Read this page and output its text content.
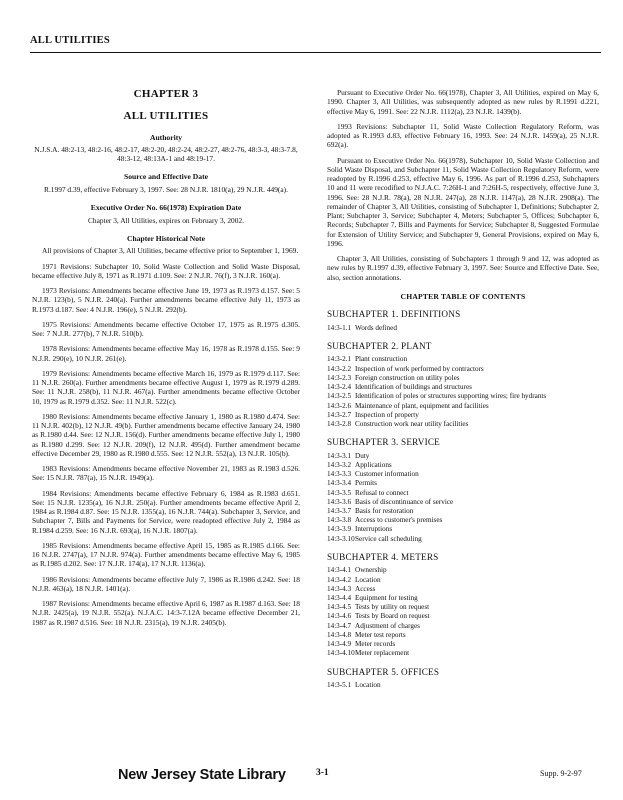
ALL UTILITIES
CHAPTER 3
ALL UTILITIES
Authority

N.J.S.A. 48:2-13, 48:2-16, 48:2-17, 48:2-20, 48:2-24, 48:2-27, 48:2-76, 48:3-3, 48:3-7.8, 48:3-12, 48:13A-1 and 48:19-17.

Source and Effective Date

R.1997 d.39, effective February 3, 1997. See: 28 N.J.R. 1810(a), 29 N.J.R. 449(a).

Executive Order No. 66(1978) Expiration Date

Chapter 3, All Utilities, expires on February 3, 2002.

Chapter Historical Note

All provisions of Chapter 3, All Utilities, became effective prior to September 1, 1969.

1971 Revisions: Subchapter 10, Solid Waste Collection and Solid Waste Disposal, became effective July 8, 1971 as R.1971 d.109. See: 2 N.J.R. 76(f), 3 N.J.R. 160(a).

1973 Revisions: Amendments became effective June 19, 1973 as R.1973 d.157. See: 5 N.J.R. 123(b), 5 N.J.R. 240(a). Further amendments became effective July 11, 1973 as R.1973 d.187. See: 4 N.J.R. 196(e), 5 N.J.R. 292(b).

1975 Revisions: Amendments became effective October 17, 1975 as R.1975 d.305. See: 7 N.J.R. 277(b), 7 N.J.R. 510(b).

1978 Revisions: Amendments became effective May 16, 1978 as R.1978 d.155. See: 9 N.J.R. 290(e), 10 N.J.R. 261(e).

1979 Revisions: Amendments became effective March 16, 1979 as R.1979 d.117. See: 11 N.J.R. 260(a). Further amendments became effective August 1, 1979 as R.1979 d.289. See: 11 N.J.R. 258(b), 11 N.J.R. 467(a). Further amendments became effective October 10, 1979 as R.1979 d.352. See: 11 N.J.R. 522(c).

1980 Revisions: Amendments became effective January 1, 1980 as R.1980 d.474. See: 11 N.J.R. 402(b), 12 N.J.R. 49(b). Further amendments became effective January 24, 1980 as R.1980 d.44. See: 12 N.J.R. 156(d). Further amendments became effective July 1, 1980 as R.1980 d.299. See: 12 N.J.R. 209(f), 12 N.J.R. 495(d). Further amendment became effective December 29, 1980 as R.1980 d.555. See: 12 N.J.R. 552(a), 13 N.J.R. 105(b).

1983 Revisions: Amendments became effective November 21, 1983 as R.1983 d.526. See: 15 N.J.R. 787(a), 15 N.J.R. 1949(a).

1984 Revisions: Amendments became effective February 6, 1984 as R.1983 d.651. See: 15 N.J.R. 1235(a), 16 N.J.R. 250(a). Further amendments became effective April 2, 1984 as R.1984 d.87. See: 15 N.J.R. 1355(a), 16 N.J.R. 744(a). Subchapter 3, Service, and Subchapter 7, Bills and Payments for Service, were readopted effective July 2, 1984 as R.1984 d.259. See: 16 N.J.R. 693(a), 16 N.J.R. 1807(a).

1985 Revisions: Amendments became effective April 15, 1985 as R.1985 d.166. See: 16 N.J.R. 2747(a), 17 N.J.R. 974(a). Further amendments became effective May 6, 1985 as R.1985 d.202. See: 17 N.J.R. 174(a), 17 N.J.R. 1136(a).

1986 Revisions: Amendments became effective July 7, 1986 as R.1986 d.242. See: 18 N.J.R. 463(a), 18 N.J.R. 1401(a).

1987 Revisions: Amendments became effective April 6, 1987 as R.1987 d.163. See: 18 N.J.R. 2425(a), 19 N.J.R. 552(a). N.J.A.C. 14:3-7.12A became effective December 21, 1987 as R.1987 d.516. See: 18 N.J.R. 2315(a), 19 N.J.R. 2405(b).

Pursuant to Executive Order No. 66(1978), Chapter 3, All Utilities, expired on May 6, 1990. Chapter 3, All Utilities, was subsequently adopted as new rules by R.1991 d.221, effective May 6, 1991. See: 22 N.J.R. 1112(a), 23 N.J.R. 1439(b).

1993 Revisions: Subchapter 11, Solid Waste Collection Regulatory Reform, was adopted as R.1993 d.83, effective February 16, 1993. See: 24 N.J.R. 1459(a), 25 N.J.R. 692(a).

Pursuant to Executive Order No. 66(1978), Subchapter 10, Solid Waste Collection and Solid Waste Disposal, and Subchapter 11, Solid Waste Collection Regulatory Reform, were readopted by R.1996 d.253, effective May 6, 1996. As part of R.1996 d.253, Subchapters 10 and 11 were recodified to N.J.A.C. 7:26H-1 and 7:26H-5, respectively, effective June 3, 1996. See: 28 N.J.R. 78(a), 28 N.J.R. 247(a), 28 N.J.R. 1147(a), 28 N.J.R. 2908(a). The remainder of Chapter 3, All Utilities, consisting of Subchapter 1, Definitions; Subchapter 2, Plant; Subchapter 3, Service; Subchapter 4, Meters; Subchapter 5, Offices; Subchapter 6, Records; Subchapter 7, Bills and Payments for Service; Subchapter 8, Suggested Formulae for Extension of Utility Service; and Subchapter 9, General Provisions, expired on May 6, 1996.

Chapter 3, All Utilities, consisting of Subchapters 1 through 9 and 12, was adopted as new rules by R.1997 d.39, effective February 3, 1997. See: Source and Effective Date. See, also, section annotations.

CHAPTER TABLE OF CONTENTS
SUBCHAPTER 1. DEFINITIONS
14:3-1.1 Words defined
SUBCHAPTER 2. PLANT
14:3-2.1 Plant construction
14:3-2.2 Inspection of work performed by contractors
14:3-2.3 Foreign construction on utility poles
14:3-2.4 Identification of buildings and structures
14:3-2.5 Identification of poles or structures supporting wires; fire hydrants
14:3-2.6 Maintenance of plant, equipment and facilities
14:3-2.7 Inspection of property
14:3-2.8 Construction work near utility facilities
SUBCHAPTER 3. SERVICE
14:3-3.1 Duty
14:3-3.2 Applications
14:3-3.3 Customer information
14:3-3.4 Permits
14:3-3.5 Refusal to connect
14:3-3.6 Basis of discontinuance of service
14:3-3.7 Basis for restoration
14:3-3.8 Access to customer's premises
14:3-3.9 Interruptions
14:3-3.10 Service call scheduling
SUBCHAPTER 4. METERS
14:3-4.1 Ownership
14:3-4.2 Location
14:3-4.3 Access
14:3-4.4 Equipment for testing
14:3-4.5 Tests by utility on request
14:3-4.6 Tests by Board on request
14:3-4.7 Adjustment of charges
14:3-4.8 Meter test reports
14:3-4.9 Meter records
14:3-4.10 Meter replacement
SUBCHAPTER 5. OFFICES
14:3-5.1 Location
New Jersey State Library	3-1	Supp. 9-2-97
